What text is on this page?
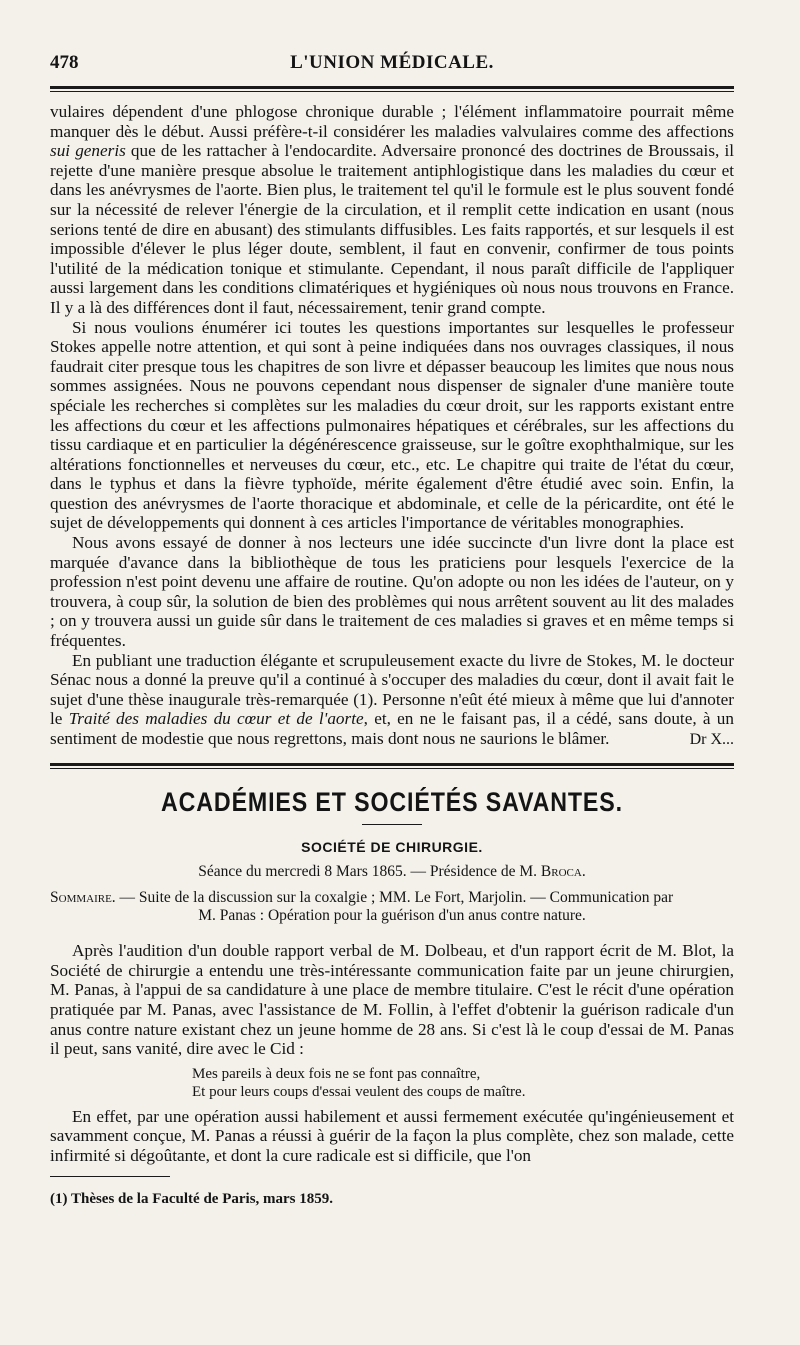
478	L'UNION MÉDICALE.

vulaires dépendent d'une phlogose chronique durable ; l'élément inflammatoire pourrait même manquer dès le début. Aussi préfère-t-il considérer les maladies valvulaires comme des affections sui generis que de les rattacher à l'endocardite. Adversaire prononcé des doctrines de Broussais, il rejette d'une manière presque absolue le traitement antiphlogistique dans les maladies du cœur et dans les anévrysmes de l'aorte. Bien plus, le traitement tel qu'il le formule est le plus souvent fondé sur la nécessité de relever l'énergie de la circulation, et il remplit cette indication en usant (nous serions tenté de dire en abusant) des stimulants diffusibles. Les faits rapportés, et sur lesquels il est impossible d'élever le plus léger doute, semblent, il faut en convenir, confirmer de tous points l'utilité de la médication tonique et stimulante. Cependant, il nous paraît difficile de l'appliquer aussi largement dans les conditions climatériques et hygiéniques où nous nous trouvons en France. Il y a là des différences dont il faut, nécessairement, tenir grand compte.

Si nous voulions énumérer ici toutes les questions importantes sur lesquelles le professeur Stokes appelle notre attention, et qui sont à peine indiquées dans nos ouvrages classiques, il nous faudrait citer presque tous les chapitres de son livre et dépasser beaucoup les limites que nous nous sommes assignées. Nous ne pouvons cependant nous dispenser de signaler d'une manière toute spéciale les recherches si complètes sur les maladies du cœur droit, sur les rapports existant entre les affections du cœur et les affections pulmonaires hépatiques et cérébrales, sur les affections du tissu cardiaque et en particulier la dégénérescence graisseuse, sur le goître exophthalmique, sur les altérations fonctionnelles et nerveuses du cœur, etc., etc. Le chapitre qui traite de l'état du cœur, dans le typhus et dans la fièvre typhoïde, mérite également d'être étudié avec soin. Enfin, la question des anévrysmes de l'aorte thoracique et abdominale, et celle de la péricardite, ont été le sujet de développements qui donnent à ces articles l'importance de véritables monographies.

Nous avons essayé de donner à nos lecteurs une idée succincte d'un livre dont la place est marquée d'avance dans la bibliothèque de tous les praticiens pour lesquels l'exercice de la profession n'est point devenu une affaire de routine. Qu'on adopte ou non les idées de l'auteur, on y trouvera, à coup sûr, la solution de bien des problèmes qui nous arrêtent souvent au lit des malades ; on y trouvera aussi un guide sûr dans le traitement de ces maladies si graves et en même temps si fréquentes.

En publiant une traduction élégante et scrupuleusement exacte du livre de Stokes, M. le docteur Sénac nous a donné la preuve qu'il a continué à s'occuper des maladies du cœur, dont il avait fait le sujet d'une thèse inaugurale très-remarquée (1). Personne n'eût été mieux à même que lui d'annoter le Traité des maladies du cœur et de l'aorte, et, en ne le faisant pas, il a cédé, sans doute, à un sentiment de modestie que nous regrettons, mais dont nous ne saurions le blâmer.	Dr X...
ACADÉMIES ET SOCIÉTÉS SAVANTES.
SOCIÉTÉ DE CHIRURGIE.
Séance du mercredi 8 Mars 1865. — Présidence de M. Broca.
Sommaire. — Suite de la discussion sur la coxalgie ; MM. Le Fort, Marjolin. — Communication par
M. Panas : Opération pour la guérison d'un anus contre nature.

Après l'audition d'un double rapport verbal de M. Dolbeau, et d'un rapport écrit de M. Blot, la Société de chirurgie a entendu une très-intéressante communication faite par un jeune chirurgien, M. Panas, à l'appui de sa candidature à une place de membre titulaire. C'est le récit d'une opération pratiquée par M. Panas, avec l'assistance de M. Follin, à l'effet d'obtenir la guérison radicale d'un anus contre nature existant chez un jeune homme de 28 ans. Si c'est là le coup d'essai de M. Panas il peut, sans vanité, dire avec le Cid :

Mes pareils à deux fois ne se font pas connaître,
Et pour leurs coups d'essai veulent des coups de maître.

En effet, par une opération aussi habilement et aussi fermement exécutée qu'ingénieusement et savamment conçue, M. Panas a réussi à guérir de la façon la plus complète, chez son malade, cette infirmité si dégoûtante, et dont la cure radicale est si difficile, que l'on

(1) Thèses de la Faculté de Paris, mars 1859.
